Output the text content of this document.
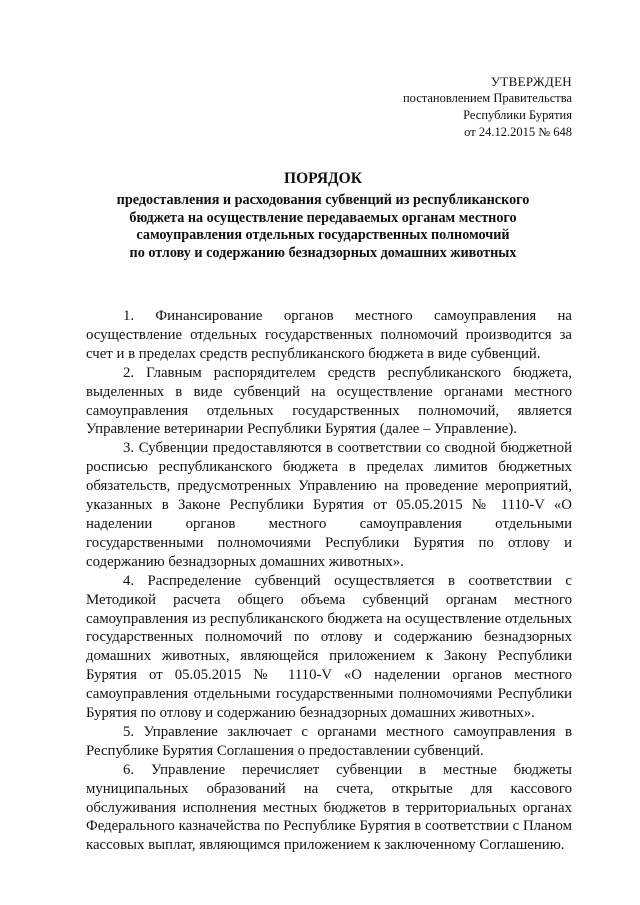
УТВЕРЖДЕН
постановлением Правительства
Республики Бурятия
от 24.12.2015 № 648
ПОРЯДОК
предоставления и расходования субвенций из республиканского
бюджета на осуществление передаваемых органам местного
самоуправления отдельных государственных полномочий
по отлову и содержанию безнадзорных домашних животных

1. Финансирование органов местного самоуправления на осуществление отдельных государственных полномочий производится за счет и в пределах средств республиканского бюджета в виде субвенций.

2. Главным распорядителем средств республиканского бюджета, выделенных в виде субвенций на осуществление органами местного самоуправления отдельных государственных полномочий, является Управление ветеринарии Республики Бурятия (далее – Управление).

3. Субвенции предоставляются в соответствии со сводной бюджетной росписью республиканского бюджета в пределах лимитов бюджетных обязательств, предусмотренных Управлению на проведение мероприятий, указанных в Законе Республики Бурятия от 05.05.2015 № 1110-V «О наделении органов местного самоуправления отдельными государственными полномочиями Республики Бурятия по отлову и содержанию безнадзорных домашних животных».

4. Распределение субвенций осуществляется в соответствии с Методикой расчета общего объема субвенций органам местного самоуправления из республиканского бюджета на осуществление отдельных государственных полномочий по отлову и содержанию безнадзорных домашних животных, являющейся приложением к Закону Республики Бурятия от 05.05.2015 № 1110-V «О наделении органов местного самоуправления отдельными государственными полномочиями Республики Бурятия по отлову и содержанию безнадзорных домашних животных».

5. Управление заключает с органами местного самоуправления в Республике Бурятия Соглашения о предоставлении субвенций.

6. Управление перечисляет субвенции в местные бюджеты муниципальных образований на счета, открытые для кассового обслуживания исполнения местных бюджетов в территориальных органах Федерального казначейства по Республике Бурятия в соответствии с Планом кассовых выплат, являющимся приложением к заключенному Соглашению.
